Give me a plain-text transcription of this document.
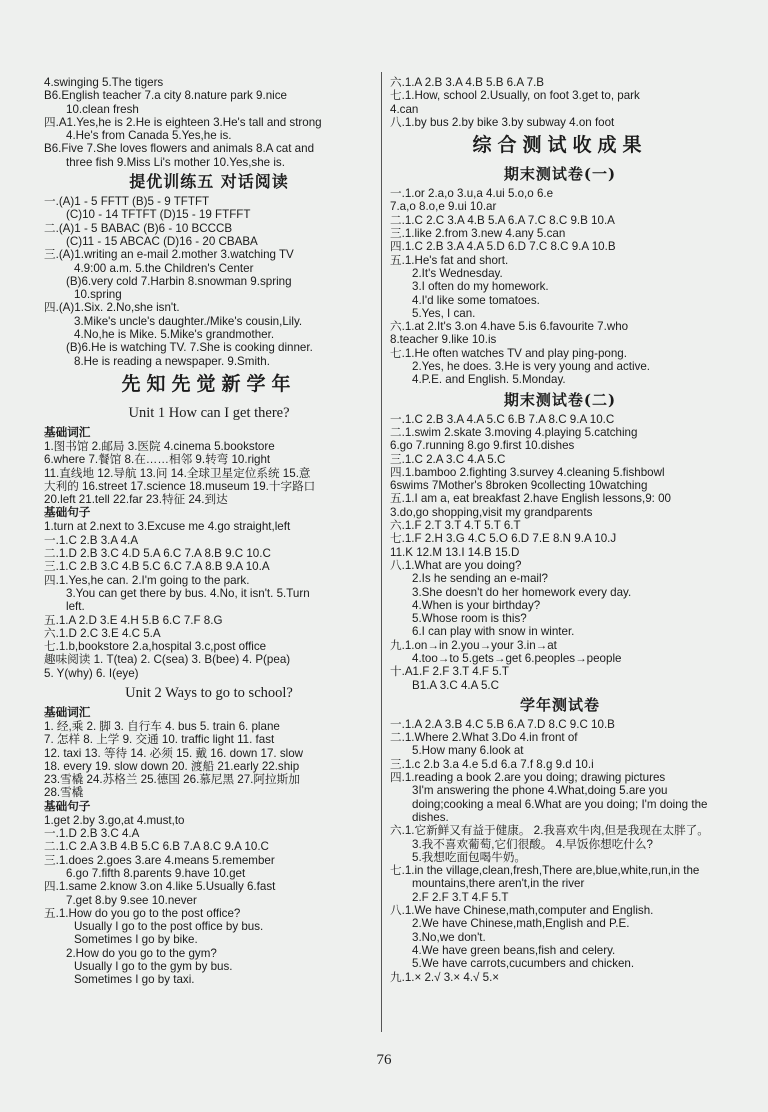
4.swinging 5.The tigers
B6.English teacher 7.a city 8.nature park 9.nice
10.clean fresh
四.A1.Yes,he is 2.He is eighteen 3.He's tall and strong
4.He's from Canada 5.Yes,he is.
B6.Five 7.She loves flowers and animals 8.A cat and
three fish 9.Miss Li's mother 10.Yes,she is.
提优训练五 对话阅读
一.(A)1 - 5 FFTT (B)5 - 9 TFTFT
(C)10 - 14 TFTFT (D)15 - 19 FTFFT
二.(A)1 - 5 BABAC (B)6 - 10 BCCCB
(C)11 - 15 ABCAC (D)16 - 20 CBABA
三.(A)1.writing an e-mail 2.mother 3.watching TV
4.9:00 a.m. 5.the Children's Center
(B)6.very cold 7.Harbin 8.snowman 9.spring
10.spring
四.(A)1.Six. 2.No,she isn't.
3.Mike's uncle's daughter./Mike's cousin,Lily.
4.No,he is Mike. 5.Mike's grandmother.
(B)6.He is watching TV. 7.She is cooking dinner.
8.He is reading a newspaper. 9.Smith.
先知先觉新学年
Unit 1 How can I get there?
基础词汇
1.图书馆 2.邮局 3.医院 4.cinema 5.bookstore
6.where 7.餐馆 8.在……相邻 9.转弯 10.right
11.直线地 12.导航 13.问 14.全球卫星定位系统 15.意
大利的 16.street 17.science 18.museum 19.十字路口
20.left 21.tell 22.far 23.特征 24.到达
基础句子
1.turn at 2.next to 3.Excuse me 4.go straight,left
一.1.C 2.B 3.A 4.A
二.1.D 2.B 3.C 4.D 5.A 6.C 7.A 8.B 9.C 10.C
三.1.C 2.B 3.C 4.B 5.C 6.C 7.A 8.B 9.A 10.A
四.1.Yes,he can. 2.I'm going to the park.
3.You can get there by bus. 4.No, it isn't. 5.Turn
left.
五.1.A 2.D 3.E 4.H 5.B 6.C 7.F 8.G
六.1.D 2.C 3.E 4.C 5.A
七.1.b,bookstore 2.a,hospital 3.c,post office
趣味阅读 1. T(tea) 2. C(sea) 3. B(bee) 4. P(pea)
5. Y(why) 6. I(eye)
Unit 2 Ways to go to school?
基础词汇
1. 经,乘 2. 脚 3. 自行车 4. bus 5. train 6. plane
7. 怎样 8. 上学 9. 交通 10. traffic light 11. fast
12. taxi 13. 等待 14. 必须 15. 戴 16. down 17. slow
18. every 19. slow down 20. 渡船 21.early 22.ship
23.雪橇 24.苏格兰 25.德国 26.慕尼黑 27.阿拉斯加
28.雪橇
基础句子
1.get 2.by 3.go,at 4.must,to
一.1.D 2.B 3.C 4.A
二.1.C 2.A 3.B 4.B 5.C 6.B 7.A 8.C 9.A 10.C
三.1.does 2.goes 3.are 4.means 5.remember
6.go 7.fifth 8.parents 9.have 10.get
四.1.same 2.know 3.on 4.like 5.Usually 6.fast
7.get 8.by 9.see 10.never
五.1.How do you go to the post office?
Usually I go to the post office by bus.
Sometimes I go by bike.
2.How do you go to the gym?
Usually I go to the gym by bus.
Sometimes I go by taxi.
六.1.A 2.B 3.A 4.B 5.B 6.A 7.B
七.1.How, school 2.Usually, on foot 3.get to, park
4.can
八.1.by bus 2.by bike 3.by subway 4.on foot
综合测试收成果
期末测试卷(一)
一.1.or 2.a,o 3.u,a 4.ui 5.o,o 6.e
7.a,o 8.o,e 9.ui 10.ar
二.1.C 2.C 3.A 4.B 5.A 6.A 7.C 8.C 9.B 10.A
三.1.like 2.from 3.new 4.any 5.can
四.1.C 2.B 3.A 4.A 5.D 6.D 7.C 8.C 9.A 10.B
五.1.He's fat and short.
2.It's Wednesday.
3.I often do my homework.
4.I'd like some tomatoes.
5.Yes, I can.
六.1.at 2.It's 3.on 4.have 5.is 6.favourite 7.who
8.teacher 9.like 10.is
七.1.He often watches TV and play ping-pong.
2.Yes, he does. 3.He is very young and active.
4.P.E. and English. 5.Monday.
期末测试卷(二)
一.1.C 2.B 3.A 4.A 5.C 6.B 7.A 8.C 9.A 10.C
二.1.swim 2.skate 3.moving 4.playing 5.catching
6.go 7.running 8.go 9.first 10.dishes
三.1.C 2.A 3.C 4.A 5.C
四.1.bamboo 2.fighting 3.survey 4.cleaning 5.fishbowl
6swims 7Mother's 8broken 9collecting 10watching
五.1.I am a, eat breakfast 2.have English lessons,9: 00
3.do,go shopping,visit my grandparents
六.1.F 2.T 3.T 4.T 5.T 6.T
七.1.F 2.H 3.G 4.C 5.O 6.D 7.E 8.N 9.A 10.J
11.K 12.M 13.I 14.B 15.D
八.1.What are you doing?
2.Is he sending an e-mail?
3.She doesn't do her homework every day.
4.When is your birthday?
5.Whose room is this?
6.I can play with snow in winter.
九.1.on→in 2.you→your 3.in→at
4.too→to 5.gets→get 6.peoples→people
十.A1.F 2.F 3.T 4.F 5.T
B1.A 3.C 4.A 5.C
学年测试卷
一.1.A 2.A 3.B 4.C 5.B 6.A 7.D 8.C 9.C 10.B
二.1.Where 2.What 3.Do 4.in front of
5.How many 6.look at
三.1.c 2.b 3.a 4.e 5.d 6.a 7.f 8.g 9.d 10.i
四.1.reading a book 2.are you doing; drawing pictures
3I'm answering the phone 4.What,doing 5.are you
doing;cooking a meal 6.What are you doing; I'm doing the
dishes.
六.1.它新鲜又有益于健康。 2.我喜欢牛肉,但是我现在太胖了。
3.我不喜欢葡萄,它们很酸。 4.早饭你想吃什么?
5.我想吃面包喝牛奶。
七.1.in the village,clean,fresh,There are,blue,white,run,in the
mountains,there aren't,in the river
2.F 2.F 3.T 4.F 5.T
八.1.We have Chinese,math,computer and English.
2.We have Chinese,math,English and P.E.
3.No,we don't.
4.We have green beans,fish and celery.
5.We have carrots,cucumbers and chicken.
九.1.× 2.√ 3.× 4.√ 5.×
76
